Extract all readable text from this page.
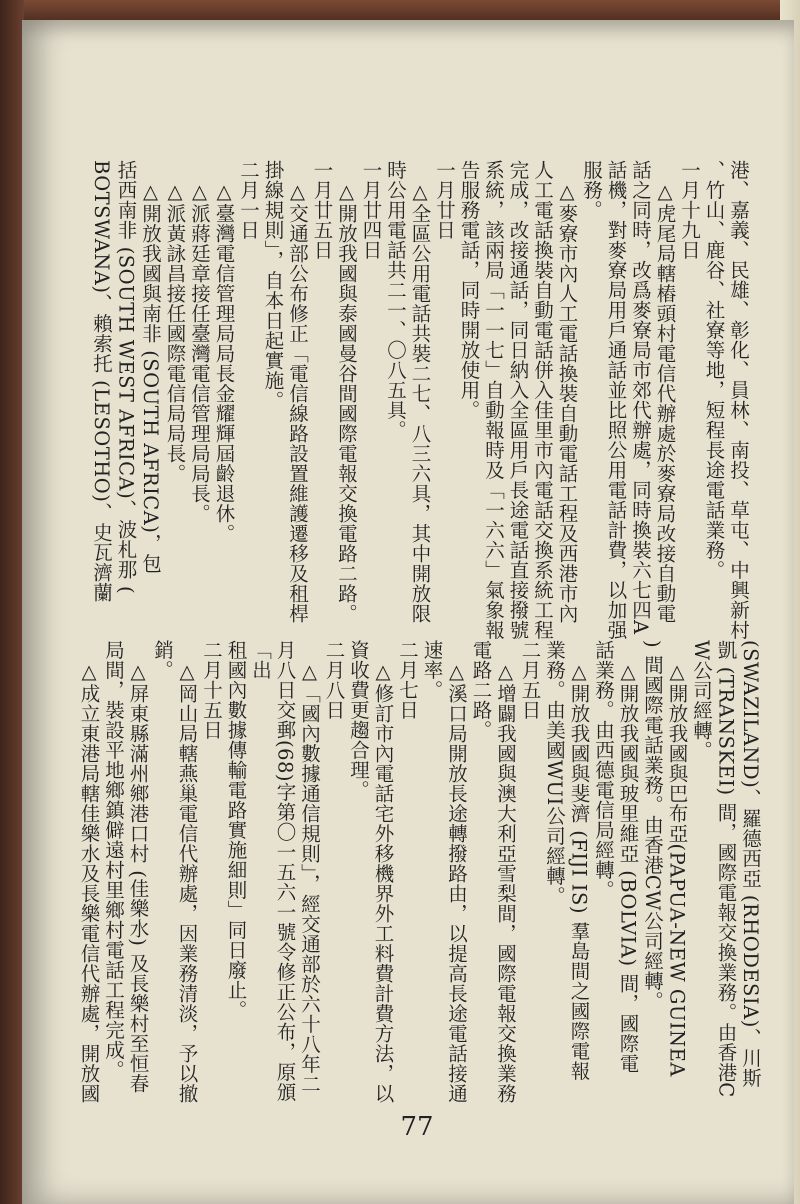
港、嘉義、民雄、彰化、員林、南投、草屯、中興新村
、竹山、鹿谷、社寮等地，短程長途電話業務。
一月十九日
　△虎尾局轄樁頭村電信代辦處於麥寮局改接自動電
話之同時，改爲麥寮局市郊代辦處，同時換裝六七四A
話機，對麥寮局用戶通話並比照公用電話計費，以加强
服務。
　△麥寮市內人工電話換裝自動電話工程及西港市內
人工電話換裝自動電話併入佳里市內電話交換系統工程
完成，改接通話，同日納入全區用戶長途電話直接撥號
系統，該兩局「一一七」自動報時及「一六六」氣象報
告服務電話，同時開放使用。
一月廿日
　△全區公用電話共裝二七、八三六具，其中開放限
時公用電話共二一、〇八五具。
一月廿四日
　△開放我國與泰國曼谷間國際電報交換電路二路。
一月廿五日
　△交通部公布修正「電信線路設置維護遷移及租桿
掛線規則」，自本日起實施。
二月一日
　△臺灣電信管理局局長金耀輝屆齡退休。
　△派蔣廷章接任臺灣電信管理局局長。
　△派黃詠昌接任國際電信局局長。
　△開放我國與南非 (SOUTH AFRICA)，包
括西南非 (SOUTH WEST AFRICA)、波札那 (
BOTSWANA)、賴索托 (LESOTHO)、史瓦濟蘭
(SWAZILAND)、羅德西亞 (RHODESIA)、川斯
凱 (TRANSKEI) 間，國際電報交換業務。由香港C
W公司經轉。
　△開放我國與巴布亞(PAPUA-NEW GUINEA
) 間國際電話業務。由香港CW公司經轉。
　△開放我國與玻里維亞 (BOLVIA) 間，國際電
話業務。由西德電信局經轉。
　△開放我國與斐濟 (FIJI IS) 羣島間之國際電報
業務。由美國WUI公司經轉。
二月五日
　△增闢我國與澳大利亞雪梨間，國際電報交換業務
電路二路。
　△溪口局開放長途轉撥路由，以提高長途電話接通
速率。
二月七日
　△修訂市內電話宅外移機界外工料費計費方法，以
資收費更趨合理。
二月八日
　△「國內數據通信規則」，經交通部於六十八年二
月八日交郵(68)字第〇一五六一號令修正公布，原頒「出
租國內數據傳輸電路實施細則」同日廢止。
二月十五日
　△岡山局轄燕巢電信代辦處，因業務清淡，予以撤
銷。
　△屏東縣滿州鄉港口村 (佳樂水) 及長樂村至恒春
局間，裝設平地鄉鎮僻遠村里鄉村電話工程完成。
　△成立東港局轄佳樂水及長樂電信代辦處，開放國
77
